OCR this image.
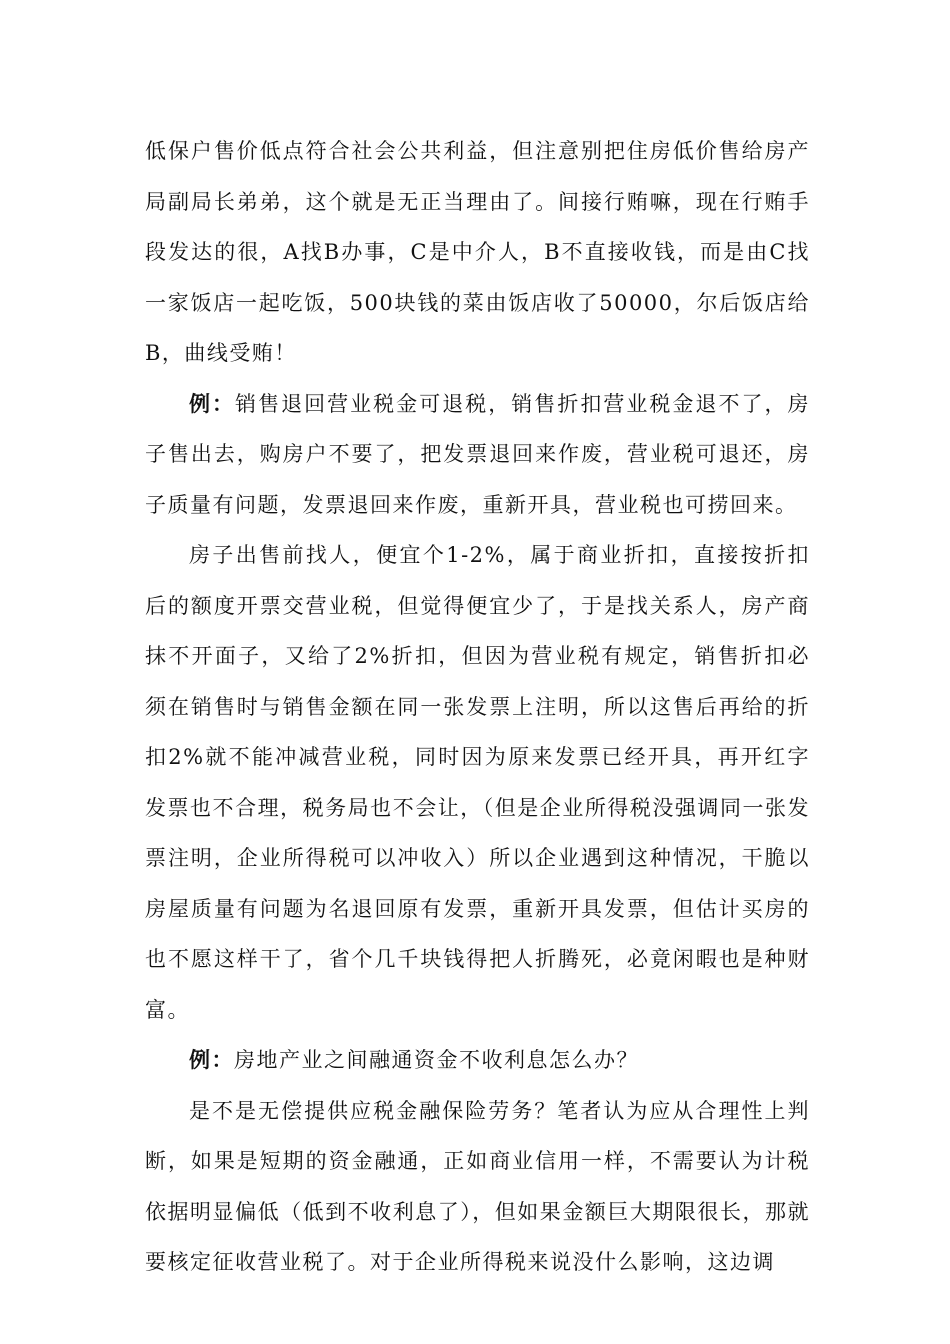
低保户售价低点符合社会公共利益，但注意别把住房低价售给房产局副局长弟弟，这个就是无正当理由了。间接行贿嘛，现在行贿手段发达的很，A找B办事，C是中介人，B不直接收钱，而是由C找一家饭店一起吃饭，500块钱的菜由饭店收了50000，尔后饭店给B，曲线受贿！

例：销售退回营业税金可退税，销售折扣营业税金退不了，房子售出去，购房户不要了，把发票退回来作废，营业税可退还，房子质量有问题，发票退回来作废，重新开具，营业税也可捞回来。

房子出售前找人，便宜个1-2%，属于商业折扣，直接按折扣后的额度开票交营业税，但觉得便宜少了，于是找关系人，房产商抹不开面子，又给了2%折扣，但因为营业税有规定，销售折扣必须在销售时与销售金额在同一张发票上注明，所以这售后再给的折扣2%就不能冲减营业税，同时因为原来发票已经开具，再开红字发票也不合理，税务局也不会让，（但是企业所得税没强调同一张发票注明，企业所得税可以冲收入）所以企业遇到这种情况，干脆以房屋质量有问题为名退回原有发票，重新开具发票，但估计买房的也不愿这样干了，省个几千块钱得把人折腾死，必竟闲暇也是种财富。

例：房地产业之间融通资金不收利息怎么办？

是不是无偿提供应税金融保险劳务？笔者认为应从合理性上判断，如果是短期的资金融通，正如商业信用一样，不需要认为计税依据明显偏低（低到不收利息了），但如果金额巨大期限很长，那就要核定征收营业税了。对于企业所得税来说没什么影响，这边调
